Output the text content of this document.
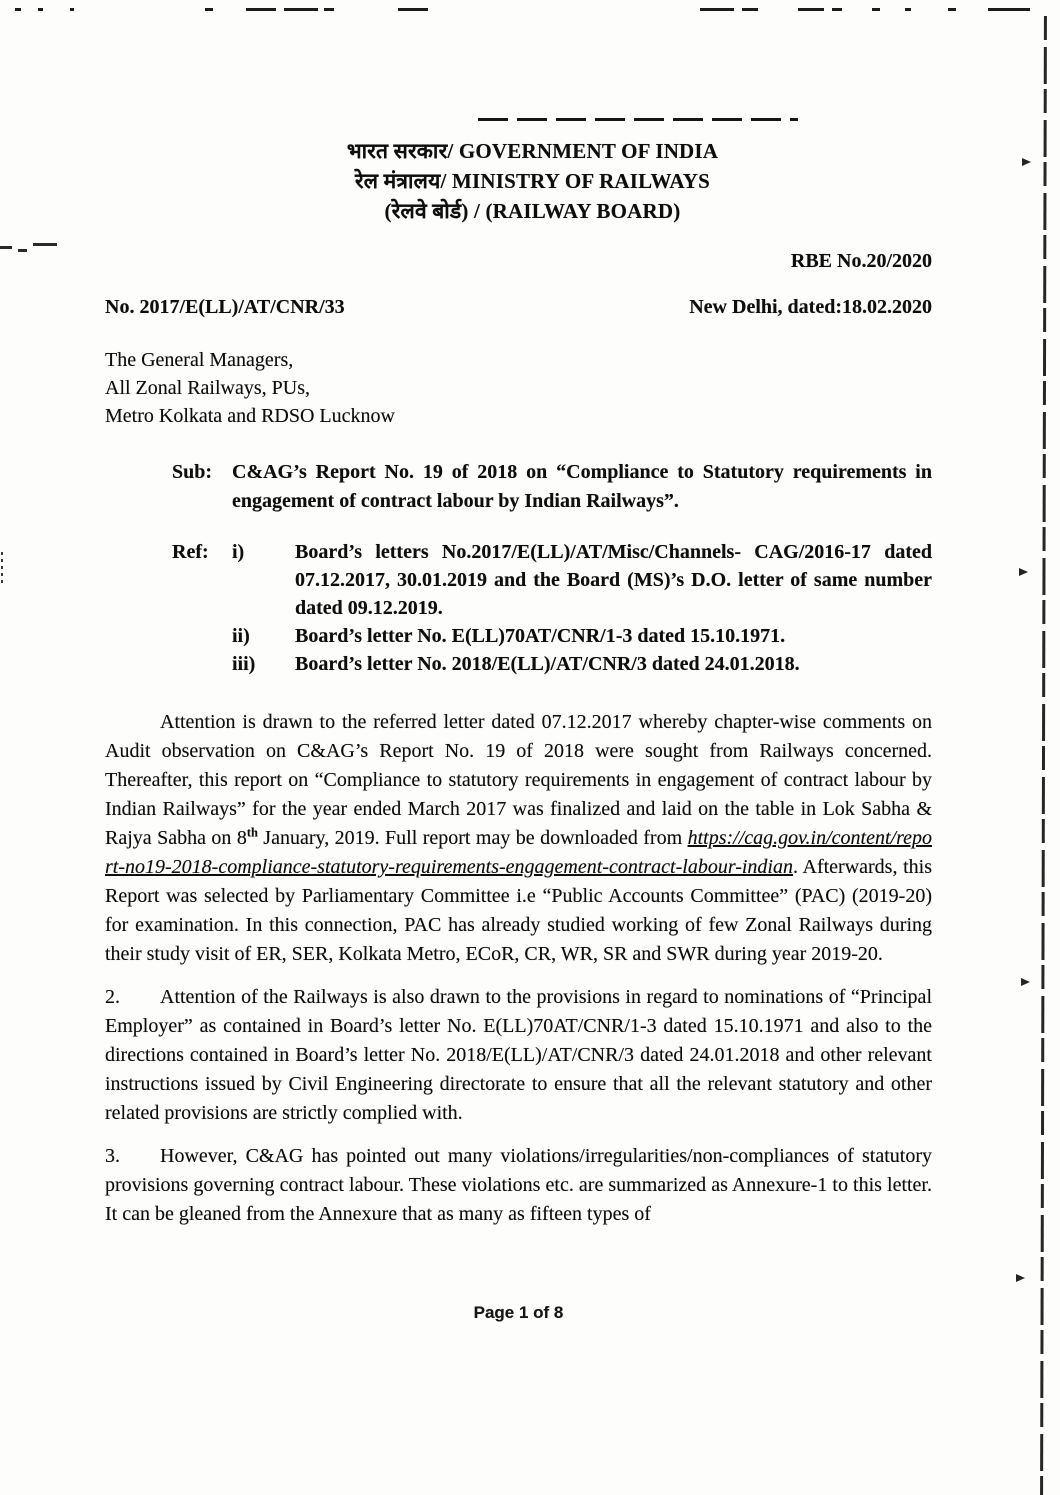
भारत सरकार/ GOVERNMENT OF INDIA
रेल मंत्रालय/ MINISTRY OF RAILWAYS
(रेलवे बोर्ड) / (RAILWAY BOARD)
RBE No.20/2020
No. 2017/E(LL)/AT/CNR/33	New Delhi, dated:18.02.2020
The General Managers,
All Zonal Railways, PUs,
Metro Kolkata and RDSO Lucknow
Sub: C&AG’s Report No. 19 of 2018 on “Compliance to Statutory requirements in engagement of contract labour by Indian Railways”.
Ref:	i)	Board’s letters No.2017/E(LL)/AT/Misc/Channels- CAG/2016-17 dated 07.12.2017, 30.01.2019 and the Board (MS)’s D.O. letter of same number dated 09.12.2019.
ii)	Board’s letter No. E(LL)70AT/CNR/1-3 dated 15.10.1971.
iii)	Board’s letter No. 2018/E(LL)/AT/CNR/3 dated 24.01.2018.
Attention is drawn to the referred letter dated 07.12.2017 whereby chapter-wise comments on Audit observation on C&AG’s Report No. 19 of 2018 were sought from Railways concerned. Thereafter, this report on “Compliance to statutory requirements in engagement of contract labour by Indian Railways” for the year ended March 2017 was finalized and laid on the table in Lok Sabha & Rajya Sabha on 8th January, 2019. Full report may be downloaded from https://cag.gov.in/content/report-no19-2018-compliance-statutory-requirements-engagement-contract-labour-indian. Afterwards, this Report was selected by Parliamentary Committee i.e “Public Accounts Committee” (PAC) (2019-20) for examination. In this connection, PAC has already studied working of few Zonal Railways during their study visit of ER, SER, Kolkata Metro, ECoR, CR, WR, SR and SWR during year 2019-20.
2. Attention of the Railways is also drawn to the provisions in regard to nominations of “Principal Employer” as contained in Board’s letter No. E(LL)70AT/CNR/1-3 dated 15.10.1971 and also to the directions contained in Board’s letter No. 2018/E(LL)/AT/CNR/3 dated 24.01.2018 and other relevant instructions issued by Civil Engineering directorate to ensure that all the relevant statutory and other related provisions are strictly complied with.
3. However, C&AG has pointed out many violations/irregularities/non-compliances of statutory provisions governing contract labour. These violations etc. are summarized as Annexure-1 to this letter. It can be gleaned from the Annexure that as many as fifteen types of
Page 1 of 8
